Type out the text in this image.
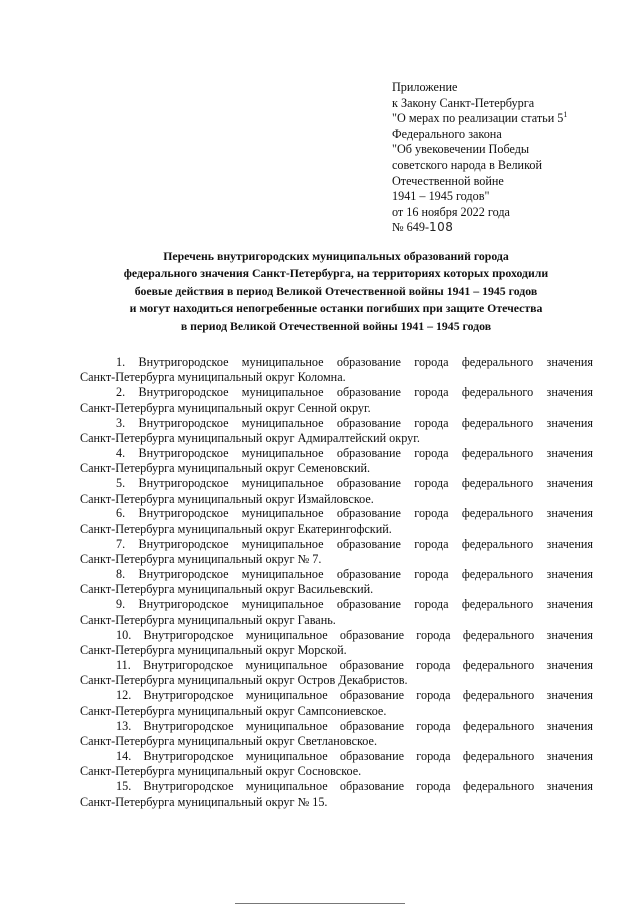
Приложение
к Закону Санкт-Петербурга
"О мерах по реализации статьи $5^1$
Федерального закона
"Об увековечении Победы
советского народа в Великой
Отечественной войне
1941 – 1945 годов"
от 16 ноября 2022 года
№ 649-108
Перечень внутригородских муниципальных образований города
федерального значения Санкт-Петербурга, на территориях которых проходили
боевые действия в период Великой Отечественной войны 1941 – 1945 годов
и могут находиться непогребенные останки погибших при защите Отечества
в период Великой Отечественной войны 1941 – 1945 годов
1. Внутригородское муниципальное образование города федерального значения
Санкт-Петербурга муниципальный округ Коломна.
2. Внутригородское муниципальное образование города федерального значения
Санкт-Петербурга муниципальный округ Сенной округ.
3. Внутригородское муниципальное образование города федерального значения
Санкт-Петербурга муниципальный округ Адмиралтейский округ.
4. Внутригородское муниципальное образование города федерального значения
Санкт-Петербурга муниципальный округ Семеновский.
5. Внутригородское муниципальное образование города федерального значения
Санкт-Петербурга муниципальный округ Измайловское.
6. Внутригородское муниципальное образование города федерального значения
Санкт-Петербурга муниципальный округ Екатерингофский.
7. Внутригородское муниципальное образование города федерального значения
Санкт-Петербурга муниципальный округ № 7.
8. Внутригородское муниципальное образование города федерального значения
Санкт-Петербурга муниципальный округ Васильевский.
9. Внутригородское муниципальное образование города федерального значения
Санкт-Петербурга муниципальный округ Гавань.
10. Внутригородское муниципальное образование города федерального значения
Санкт-Петербурга муниципальный округ Морской.
11. Внутригородское муниципальное образование города федерального значения
Санкт-Петербурга муниципальный округ Остров Декабристов.
12. Внутригородское муниципальное образование города федерального значения
Санкт-Петербурга муниципальный округ Сампсониевское.
13. Внутригородское муниципальное образование города федерального значения
Санкт-Петербурга муниципальный округ Светлановское.
14. Внутригородское муниципальное образование города федерального значения
Санкт-Петербурга муниципальный округ Сосновское.
15. Внутригородское муниципальное образование города федерального значения
Санкт-Петербурга муниципальный округ № 15.
